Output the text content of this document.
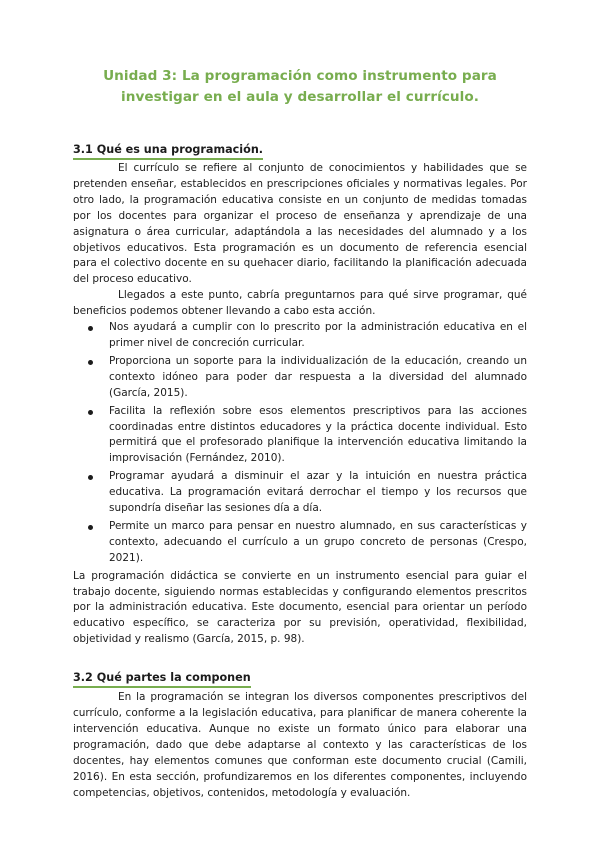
Unidad 3: La programación como instrumento para investigar en el aula y desarrollar el currículo.
3.1 Qué es una programación.

El currículo se refiere al conjunto de conocimientos y habilidades que se pretenden enseñar, establecidos en prescripciones oficiales y normativas legales. Por otro lado, la programación educativa consiste en un conjunto de medidas tomadas por los docentes para organizar el proceso de enseñanza y aprendizaje de una asignatura o área curricular, adaptándola a las necesidades del alumnado y a los objetivos educativos. Esta programación es un documento de referencia esencial para el colectivo docente en su quehacer diario, facilitando la planificación adecuada del proceso educativo.

Llegados a este punto, cabría preguntarnos para qué sirve programar, qué beneficios podemos obtener llevando a cabo esta acción.

Nos ayudará a cumplir con lo prescrito por la administración educativa en el primer nivel de concreción curricular.
Proporciona un soporte para la individualización de la educación, creando un contexto idóneo para poder dar respuesta a la diversidad del alumnado (García, 2015).
Facilita la reflexión sobre esos elementos prescriptivos para las acciones coordinadas entre distintos educadores y la práctica docente individual. Esto permitirá que el profesorado planifique la intervención educativa limitando la improvisación (Fernández, 2010).
Programar ayudará a disminuir el azar y la intuición en nuestra práctica educativa. La programación evitará derrochar el tiempo y los recursos que supondría diseñar las sesiones día a día.
Permite un marco para pensar en nuestro alumnado, en sus características y contexto, adecuando el currículo a un grupo concreto de personas (Crespo, 2021).

La programación didáctica se convierte en un instrumento esencial para guiar el trabajo docente, siguiendo normas establecidas y configurando elementos prescritos por la administración educativa. Este documento, esencial para orientar un período educativo específico, se caracteriza por su previsión, operatividad, flexibilidad, objetividad y realismo (García, 2015, p. 98).

3.2 Qué partes la componen

En la programación se integran los diversos componentes prescriptivos del currículo, conforme a la legislación educativa, para planificar de manera coherente la intervención educativa. Aunque no existe un formato único para elaborar una programación, dado que debe adaptarse al contexto y las características de los docentes, hay elementos comunes que conforman este documento crucial (Camili, 2016). En esta sección, profundizaremos en los diferentes componentes, incluyendo competencias, objetivos, contenidos, metodología y evaluación.
